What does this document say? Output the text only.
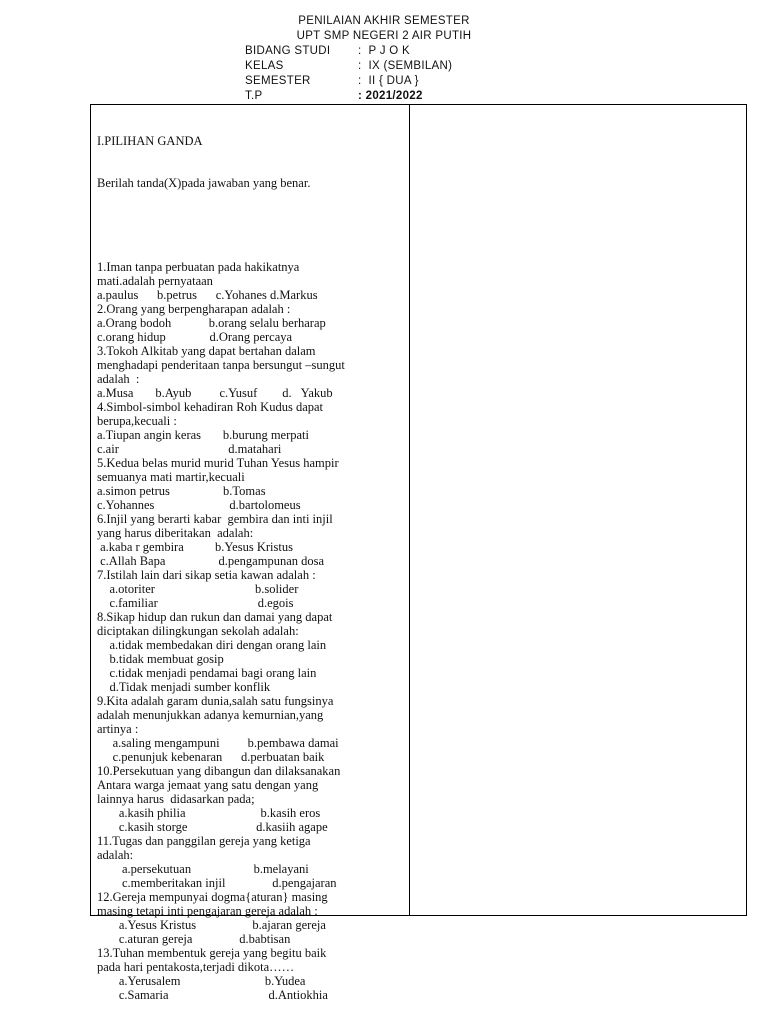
PENILAIAN AKHIR SEMESTER
UPT SMP NEGERI 2 AIR PUTIH
BIDANG STUDI :  P J O K
KELAS	:  IX (SEMBILAN)
SEMESTER	:  II { DUA }
T.P	: 2021/2022

I.PILIHAN GANDA

Berilah tanda(X)pada jawaban yang benar.

1.Iman tanpa perbuatan pada hakikatnya
mati.adalah pernyataan
a.paulus      b.petrus      c.Yohanes d.Markus
2.Orang yang berpengharapan adalah :
a.Orang bodoh            b.orang selalu berharap
c.orang hidup              d.Orang percaya
3.Tokoh Alkitab yang dapat bertahan dalam
menghadapi penderitaan tanpa bersungut –sungut
adalah  :
a.Musa       b.Ayub         c.Yusuf        d.   Yakub
4.Simbol-simbol kehadiran Roh Kudus dapat
berupa,kecuali :
a.Tiupan angin keras       b.burung merpati
c.air                                   d.matahari
5.Kedua belas murid murid Tuhan Yesus hampir
semuanya mati martir,kecuali
a.simon petrus                 b.Tomas
c.Yohannes                        d.bartolomeus
6.Injil yang berarti kabar  gembira dan inti injil
yang harus diberitakan  adalah:
a.kaba r gembira          b.Yesus Kristus
c.Allah Bapa                 d.pengampunan dosa
7.Istilah lain dari sikap setia kawan adalah :
a.otoriter                                b.solider
c.familiar                                d.egois
8.Sikap hidup dan rukun dan damai yang dapat
diciptakan dilingkungan sekolah adalah:
a.tidak membedakan diri dengan orang lain
b.tidak membuat gosip
c.tidak menjadi pendamai bagi orang lain
d.Tidak menjadi sumber konflik
9.Kita adalah garam dunia,salah satu fungsinya
adalah menunjukkan adanya kemurnian,yang
artinya :
a.saling mengampuni         b.pembawa damai
c.penunjuk kebenaran      d.perbuatan baik
10.Persekutuan yang dibangun dan dilaksanakan
Antara warga jemaat yang satu dengan yang
lainnya harus  didasarkan pada;
a.kasih philia                        b.kasih eros
c.kasih storge                      d.kasiih agape
11.Tugas dan panggilan gereja yang ketiga
adalah:
a.persekutuan                    b.melayani
c.memberitakan injil               d.pengajaran
12.Gereja mempunyai dogma{aturan} masing
masing tetapi inti pengajaran gereja adalah :
a.Yesus Kristus                  b.ajaran gereja
c.aturan gereja               d.babtisan
13.Tuhan membentuk gereja yang begitu baik
pada hari pentakosta,terjadi dikota……
a.Yerusalem                           b.Yudea
c.Samaria                                d.Antiokhia
